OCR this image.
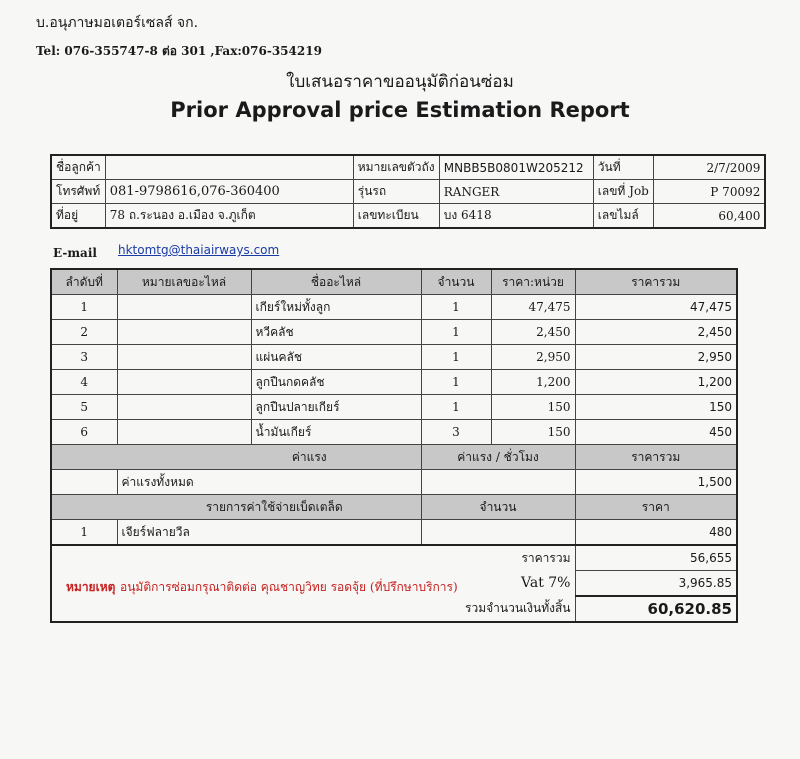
บ.อนุภาษมอเตอร์เซลส์ จก.
Tel: 076-355747-8 ต่อ 301 ,Fax:076-354219
ใบเสนอราคาขออนุมัติก่อนซ่อม
Prior Approval price Estimation Report
ชื่อลูกค้า		หมายเลขตัวถัง	MNBB5B0801W205212	วันที่	2/7/2009
โทรศัพท์	081-9798616,076-360400	รุ่นรถ	RANGER	เลขที่ Job	P 70092
ที่อยู่	78 ถ.ระนอง อ.เมือง จ.ภูเก็ต	เลขทะเบียน	บง 6418	เลขไมล์	60,400
E-mail hktomtg@thaiairways.com
ลำดับที่	หมายเลขอะไหล่	ชื่ออะไหล่	จำนวน	ราคา:หน่วย	ราคารวม
1		เกียร์ใหม่ทั้งลูก	1	47,475	47,475
2		หวีคลัช	1	2,450	2,450
3		แผ่นคลัช	1	2,950	2,950
4		ลูกปืนกดคลัช	1	1,200	1,200
5		ลูกปืนปลายเกียร์	1	150	150
6		น้ำมันเกียร์	3	150	450
ค่าแรง			ค่าแรง / ชั่วโมง		ราคารวม
	ค่าแรงทั้งหมด				1,500
รายการค่าใช้จ่ายเบ็ดเตล็ด			จำนวน		ราคา
1	เจียร์ฟลายวีล				480
ราคารวม					56,655
Vat 7%					3,965.85
รวมจำนวนเงินทั้งสิ้น					60,620.85
หมายเหตุ อนุมัติการซ่อมกรุณาติดต่อ คุณชาญวิทย รอดจุ้ย (ที่ปรึกษาบริการ)
